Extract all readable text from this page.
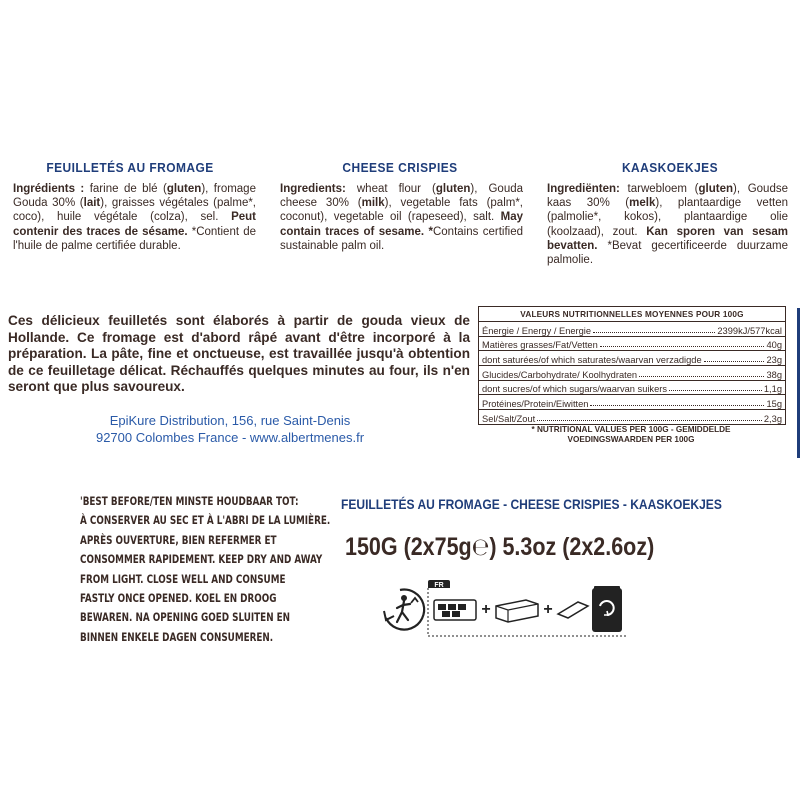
FEUILLETÉS AU FROMAGE
Ingrédients : farine de blé (gluten), fromage Gouda 30% (lait), graisses végétales (palme*, coco), huile végétale (colza), sel. Peut contenir des traces de sésame. *Contient de l'huile de palme certifiée durable.
CHEESE CRISPIES
Ingredients: wheat flour (gluten), Gouda cheese 30% (milk), vegetable fats (palm*, coconut), vegetable oil (rapeseed), salt. May contain traces of sesame. *Contains certified sustainable palm oil.
KAASKOEKJES
Ingrediënten: tarwebloem (gluten), Goudse kaas 30% (melk), plantaardige vetten (palmolie*, kokos), plantaardige olie (koolzaad), zout. Kan sporen van sesam bevatten. *Bevat gecertificeerde duurzame palmolie.
Ces délicieux feuilletés sont élaborés à partir de gouda vieux de Hollande. Ce fromage est d'abord râpé avant d'être incorporé à la préparation. La pâte, fine et onctueuse, est travaillée jusqu'à obtention de ce feuilletage délicat. Réchauffés quelques minutes au four, ils n'en seront que plus savoureux.
EpiKure Distribution, 156, rue Saint-Denis
92700 Colombes France - www.albertmenes.fr
VALEURS NUTRITIONNELLES MOYENNES POUR 100G
Énergie / Energy / Energie	2399kJ/577kcal
Matières grasses/Fat/Vetten	40g
dont saturées/of which saturates/waarvan verzadigde	23g
Glucides/Carbohydrate/ Koolhydraten	38g
dont sucres/of which sugars/waarvan suikers	1,1g
Protéines/Protein/Eiwitten	15g
Sel/Salt/Zout	2,3g
* NUTRITIONAL VALUES PER 100G - GEMIDDELDE
VOEDINGSWAARDEN PER 100G
'BEST BEFORE/TEN MINSTE HOUDBAAR TOT:
À CONSERVER AU SEC ET À L'ABRI DE LA LUMIÈRE.
APRÈS OUVERTURE, BIEN REFERMER ET
CONSOMMER RAPIDEMENT. KEEP DRY AND AWAY
FROM LIGHT. CLOSE WELL AND CONSUME
FASTLY ONCE OPENED. KOEL EN DROOG
BEWAREN. NA OPENING GOED SLUITEN EN
BINNEN ENKELE DAGEN CONSUMEREN.
FEUILLETÉS AU FROMAGE - CHEESE CRISPIES - KAASKOEKJES
150G (2x75g℮) 5.3oz (2x2.6oz)
FR
+	+
